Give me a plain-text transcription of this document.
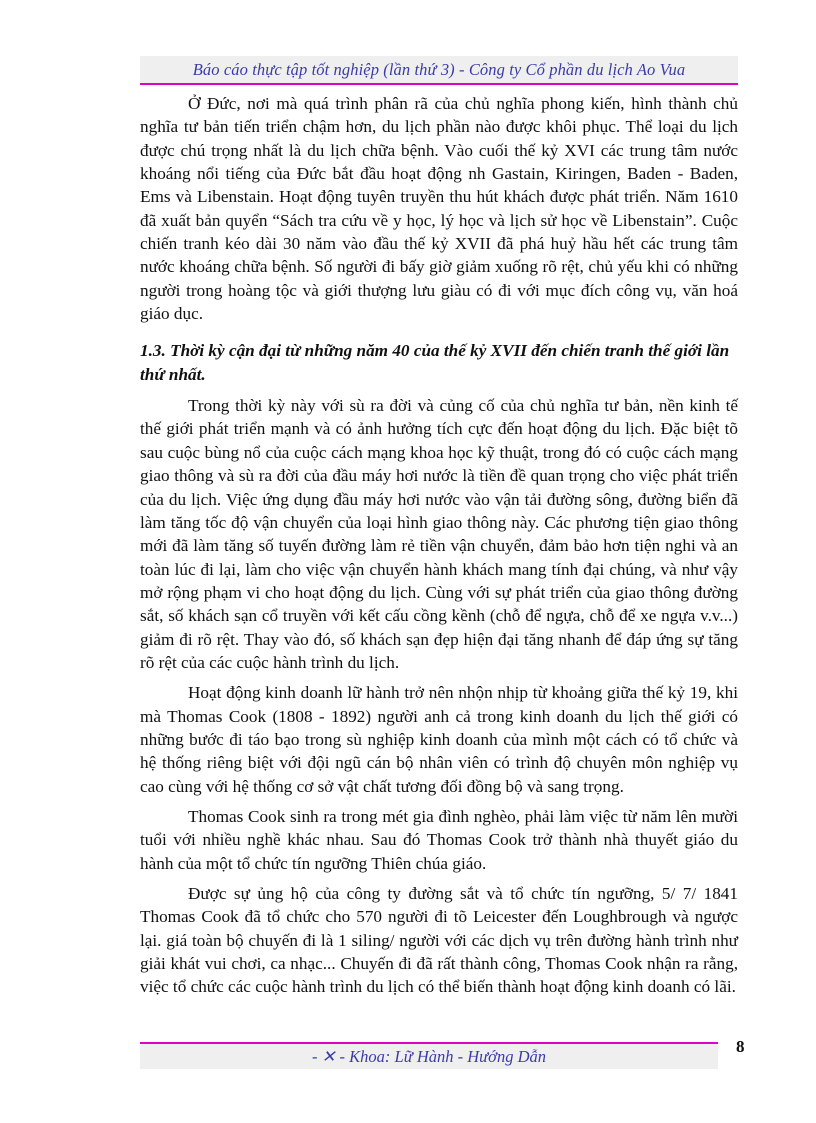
Báo cáo thực tập tốt nghiệp (lần thứ 3) - Công ty Cổ phần du lịch Ao Vua

Ở Đức, nơi mà quá trình phân rã của chủ nghĩa phong kiến, hình thành chủ nghĩa tư bản tiến triển chậm hơn, du lịch phần nào được khôi phục. Thể loại du lịch được chú trọng nhất là du lịch chữa bệnh. Vào cuối thế kỷ XVI các trung tâm nước khoáng nổi tiếng của Đức bắt đầu hoạt động nh Gastain, Kiringen, Baden - Baden, Ems và Libenstain. Hoạt động tuyên truyền thu hút khách được phát triển. Năm 1610 đã xuất bản quyển “Sách tra cứu về y học, lý học và lịch sử học về Libenstain”. Cuộc chiến tranh kéo dài 30 năm vào đầu thế kỷ XVII đã phá huỷ hầu hết các trung tâm nước khoáng chữa bệnh. Số người đi bấy giờ giảm xuống rõ rệt, chủ yếu khi có những người trong hoàng tộc và giới thượng lưu giàu có đi với mục đích công vụ, văn hoá giáo dục.

1.3. Thời kỳ cận đại từ những năm 40 của thế kỷ XVII đến chiến tranh thế giới lần thứ nhất.

Trong thời kỳ này với sù ra đời và củng cố của chủ nghĩa tư bản, nền kinh tế thế giới phát triển mạnh và có ảnh hưởng tích cực đến hoạt động du lịch. Đặc biệt tõ sau cuộc bùng nổ của cuộc cách mạng khoa học kỹ thuật, trong đó có cuộc cách mạng giao thông và sù ra đời của đầu máy hơi nước là tiền đề quan trọng cho việc phát triển của du lịch. Việc ứng dụng đầu máy hơi nước vào vận tải đường sông, đường biển đã làm tăng tốc độ vận chuyển của loại hình giao thông này. Các phương tiện giao thông mới đã làm tăng số tuyến đường làm rẻ tiền vận chuyển, đảm bảo hơn tiện nghi và an toàn lúc đi lại, làm cho việc vận chuyển hành khách mang tính đại chúng, và như vậy mở rộng phạm vi cho hoạt động du lịch. Cùng với sự phát triển của giao thông đường sắt, số khách sạn cổ truyền với kết cấu cồng kềnh (chỗ để ngựa, chỗ để xe ngựa v.v...) giảm đi rõ rệt. Thay vào đó, số khách sạn đẹp hiện đại tăng nhanh để đáp ứng sự tăng rõ rệt của các cuộc hành trình du lịch.

Hoạt động kinh doanh lữ hành trở nên nhộn nhịp từ khoảng giữa thế kỷ 19, khi mà Thomas Cook (1808 - 1892) người anh cả trong kinh doanh du lịch thế giới có những bước đi táo bạo trong sù nghiệp kinh doanh của mình một cách có tổ chức và hệ thống riêng biệt với đội ngũ cán bộ nhân viên có trình độ chuyên môn nghiệp vụ cao cùng với hệ thống cơ sở vật chất tương đối đồng bộ và sang trọng.

Thomas Cook sinh ra trong mét gia đình nghèo, phải làm việc từ năm lên mười tuổi với nhiều nghề khác nhau. Sau đó Thomas Cook trở thành nhà thuyết giáo du hành của một tổ chức tín ngưỡng Thiên chúa giáo.

Được sự ủng hộ của công ty đường sắt và tổ chức tín ngưỡng, 5/ 7/ 1841 Thomas Cook đã tổ chức cho 570 người đi tõ Leicester đến Loughbrough và ngược lại. giá toàn bộ chuyến đi là 1 siling/ người với các dịch vụ trên đường hành trình như giải khát vui chơi, ca nhạc... Chuyến đi đã rất thành công, Thomas Cook nhận ra rằng, việc tổ chức các cuộc hành trình du lịch có thể biến thành hoạt động kinh doanh có lãi.

- ✕ - Khoa: Lữ Hành - Hướng Dẫn	8
